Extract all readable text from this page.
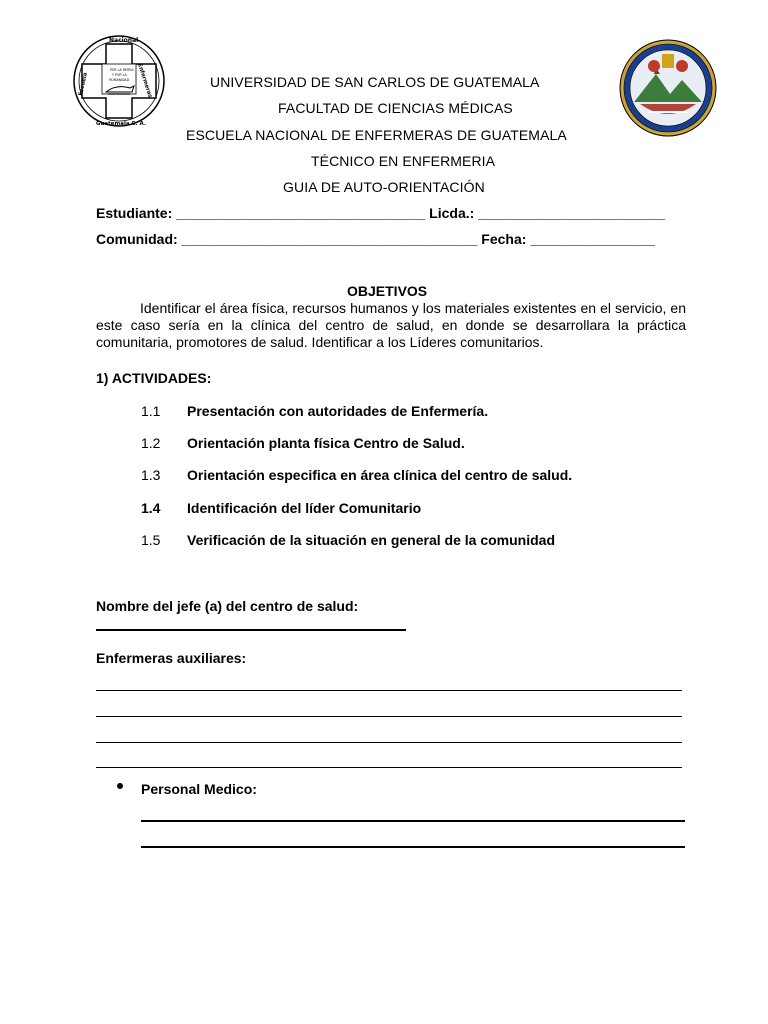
POR LA PATRIA
Y POR LA
HUMANIDAD
Nacional
Enfermeras
Escuela
Guatemala C. A.
UNIVERSIDAD DE SAN CARLOS DE GUATEMALA
FACULTAD DE CIENCIAS MÉDICAS
ESCUELA NACIONAL DE ENFERMERAS DE GUATEMALA
TÉCNICO EN ENFERMERIA
GUIA DE AUTO-ORIENTACIÓN
Estudiante: ________________________________ Licda.: ________________________
Comunidad: ______________________________________ Fecha: ________________
OBJETIVOS
Identificar el área física, recursos humanos y los materiales existentes en el servicio, en este caso sería en la clínica del centro de salud, en donde se desarrollara la práctica comunitaria, promotores de salud. Identificar a los Líderes comunitarios.
1) ACTIVIDADES:
1.1 Presentación con autoridades de Enfermería.
1.2 Orientación planta física Centro de Salud.
1.3 Orientación especifica en área clínica del centro de salud.
1.4 Identificación del líder Comunitario
1.5 Verificación de la situación en general de la comunidad
Nombre del jefe (a) del centro de salud:
Enfermeras auxiliares:
Personal Medico:
